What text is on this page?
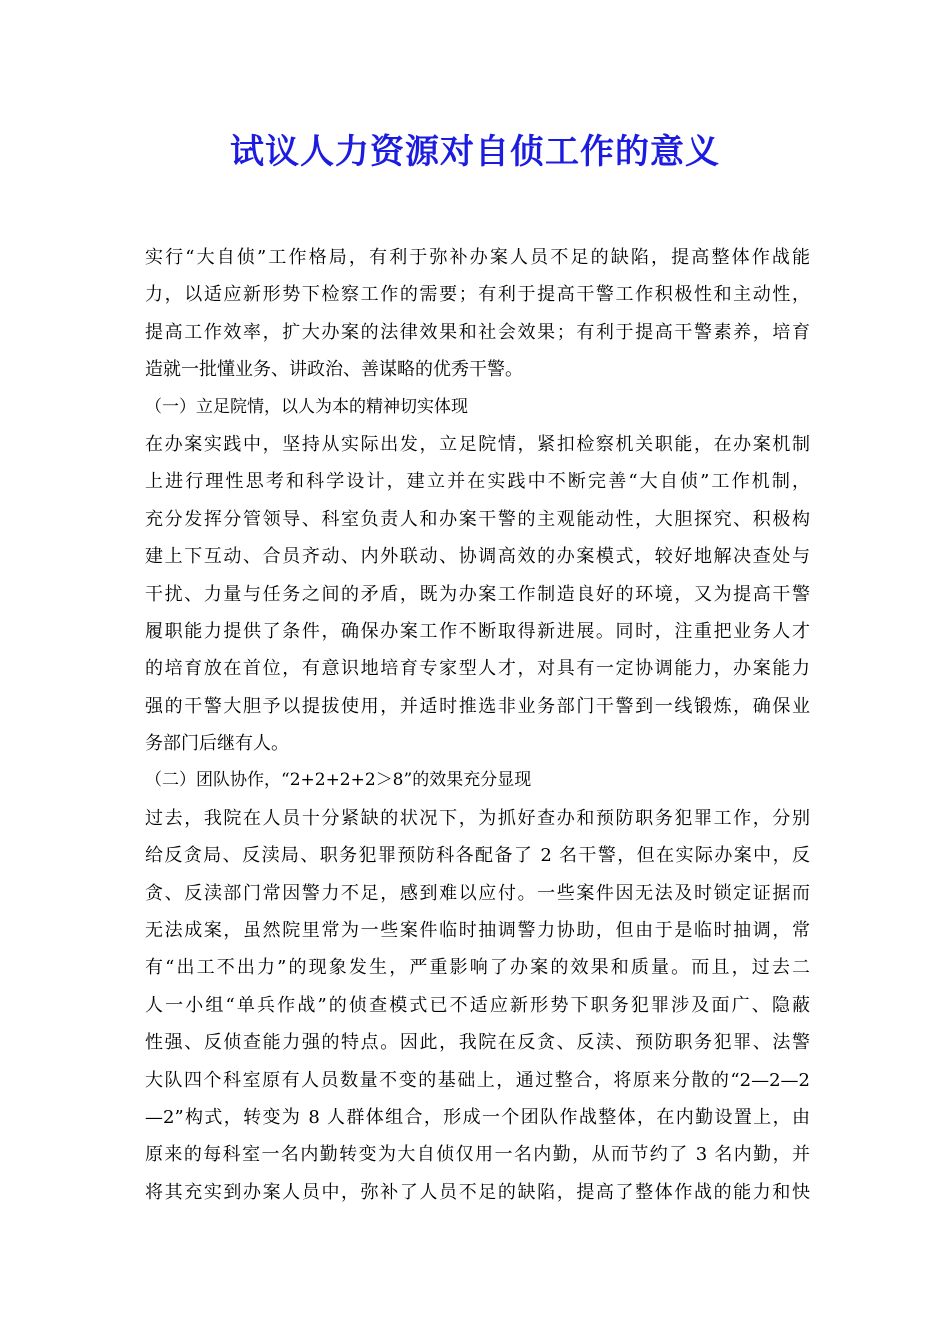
试议人力资源对自侦工作的意义
实行“大自侦”工作格局，有利于弥补办案人员不足的缺陷，提高整体作战能
力，以适应新形势下检察工作的需要；有利于提高干警工作积极性和主动性，
提高工作效率，扩大办案的法律效果和社会效果；有利于提高干警素养，培育
造就一批懂业务、讲政治、善谋略的优秀干警。
（一）立足院情，以人为本的精神切实体现
在办案实践中，坚持从实际出发，立足院情，紧扣检察机关职能，在办案机制
上进行理性思考和科学设计，建立并在实践中不断完善“大自侦”工作机制，
充分发挥分管领导、科室负责人和办案干警的主观能动性，大胆探究、积极构
建上下互动、合员齐动、内外联动、协调高效的办案模式，较好地解决查处与
干扰、力量与任务之间的矛盾，既为办案工作制造良好的环境，又为提高干警
履职能力提供了条件，确保办案工作不断取得新进展。同时，注重把业务人才
的培育放在首位，有意识地培育专家型人才，对具有一定协调能力，办案能力
强的干警大胆予以提拔使用，并适时推选非业务部门干警到一线锻炼，确保业
务部门后继有人。
（二）团队协作，“2+2+2+2＞8”的效果充分显现
过去，我院在人员十分紧缺的状况下，为抓好查办和预防职务犯罪工作，分别
给反贪局、反渎局、职务犯罪预防科各配备了 2 名干警，但在实际办案中，反
贪、反渎部门常因警力不足，感到难以应付。一些案件因无法及时锁定证据而
无法成案，虽然院里常为一些案件临时抽调警力协助，但由于是临时抽调，常
有“出工不出力”的现象发生，严重影响了办案的效果和质量。而且，过去二
人一小组“单兵作战”的侦查模式已不适应新形势下职务犯罪涉及面广、隐蔽
性强、反侦查能力强的特点。因此，我院在反贪、反渎、预防职务犯罪、法警
大队四个科室原有人员数量不变的基础上，通过整合，将原来分散的“2—2—2
—2”构式，转变为 8 人群体组合，形成一个团队作战整体，在内勤设置上，由
原来的每科室一名内勤转变为大自侦仅用一名内勤，从而节约了 3 名内勤，并
将其充实到办案人员中，弥补了人员不足的缺陷，提高了整体作战的能力和快
